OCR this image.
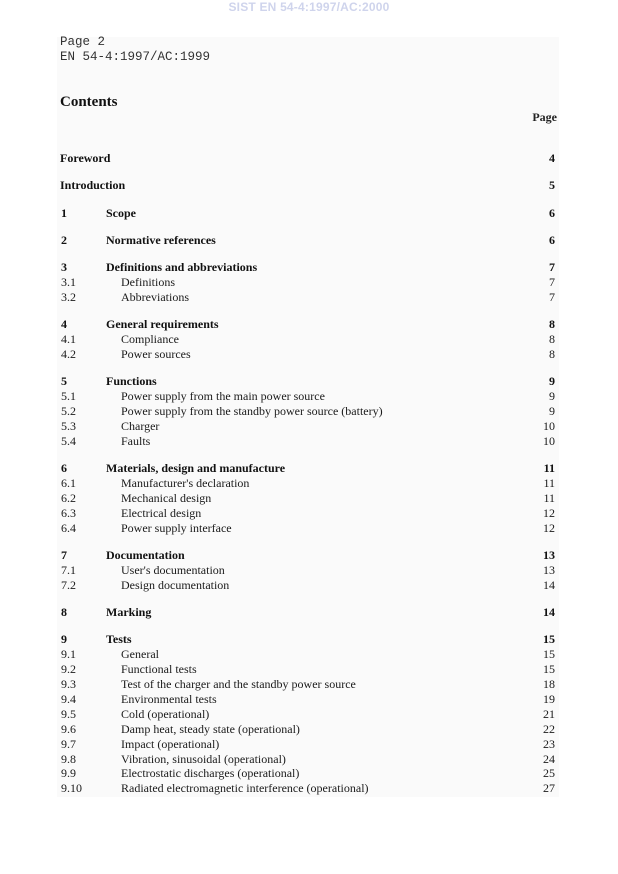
SIST EN 54-4:1997/AC:2000
Page 2
EN 54-4:1997/AC:1999
Contents
Page
Foreword	4
Introduction	5
1	Scope	6
2	Normative references	6
3	Definitions and abbreviations	7
3.1	Definitions	7
3.2	Abbreviations	7
4	General requirements	8
4.1	Compliance	8
4.2	Power sources	8
5	Functions	9
5.1	Power supply from the main power source	9
5.2	Power supply from the standby power source (battery)	9
5.3	Charger	10
5.4	Faults	10
6	Materials, design and manufacture	11
6.1	Manufacturer's declaration	11
6.2	Mechanical design	11
6.3	Electrical design	12
6.4	Power supply interface	12
7	Documentation	13
7.1	User's documentation	13
7.2	Design documentation	14
8	Marking	14
9	Tests	15
9.1	General	15
9.2	Functional tests	15
9.3	Test of the charger and the standby power source	18
9.4	Environmental tests	19
9.5	Cold (operational)	21
9.6	Damp heat, steady state (operational)	22
9.7	Impact (operational)	23
9.8	Vibration, sinusoidal (operational)	24
9.9	Electrostatic discharges (operational)	25
9.10	Radiated electromagnetic interference (operational)	27
